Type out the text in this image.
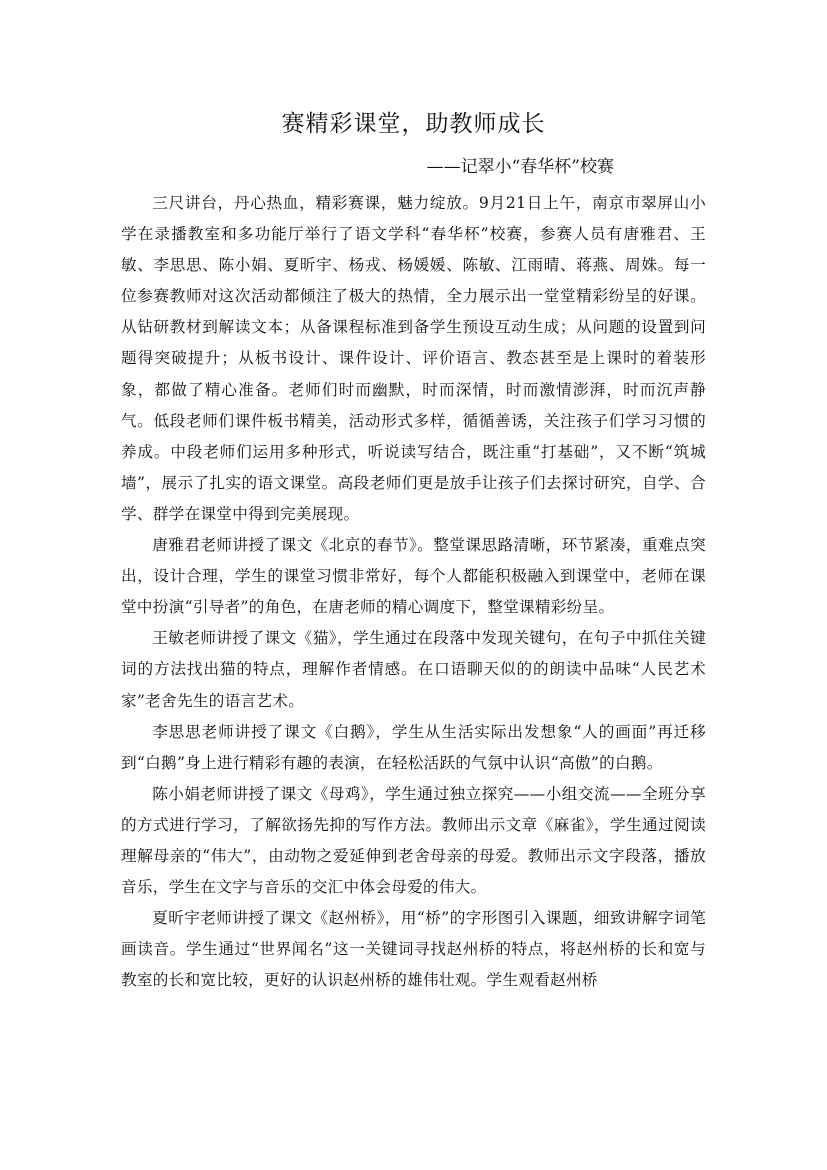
赛精彩课堂，助教师成长

——记翠小“春华杯”校赛

三尺讲台，丹心热血，精彩赛课，魅力绽放。9月21日上午，南京市翠屏山小学在录播教室和多功能厅举行了语文学科“春华杯”校赛，参赛人员有唐雅君、王敏、李思思、陈小娟、夏昕宇、杨戎、杨媛媛、陈敏、江雨晴、蒋燕、周姝。每一位参赛教师对这次活动都倾注了极大的热情，全力展示出一堂堂精彩纷呈的好课。从钻研教材到解读文本；从备课程标准到备学生预设互动生成；从问题的设置到问题得突破提升；从板书设计、课件设计、评价语言、教态甚至是上课时的着装形象，都做了精心准备。老师们时而幽默，时而深情，时而激情澎湃，时而沉声静气。低段老师们课件板书精美，活动形式多样，循循善诱，关注孩子们学习习惯的养成。中段老师们运用多种形式，听说读写结合，既注重“打基础”，又不断“筑城墙”，展示了扎实的语文课堂。高段老师们更是放手让孩子们去探讨研究，自学、合学、群学在课堂中得到完美展现。

唐雅君老师讲授了课文《北京的春节》。整堂课思路清晰，环节紧凑，重难点突出，设计合理，学生的课堂习惯非常好，每个人都能积极融入到课堂中，老师在课堂中扮演“引导者”的角色，在唐老师的精心调度下，整堂课精彩纷呈。

王敏老师讲授了课文《猫》，学生通过在段落中发现关键句，在句子中抓住关键词的方法找出猫的特点，理解作者情感。在口语聊天似的的朗读中品味“人民艺术家”老舍先生的语言艺术。

李思思老师讲授了课文《白鹅》，学生从生活实际出发想象“人的画面”再迁移到“白鹅”身上进行精彩有趣的表演，在轻松活跃的气氛中认识“高傲”的白鹅。

陈小娟老师讲授了课文《母鸡》，学生通过独立探究——小组交流——全班分享的方式进行学习，了解欲扬先抑的写作方法。教师出示文章《麻雀》，学生通过阅读理解母亲的“伟大”，由动物之爱延伸到老舍母亲的母爱。教师出示文字段落，播放音乐，学生在文字与音乐的交汇中体会母爱的伟大。

夏昕宇老师讲授了课文《赵州桥》，用“桥”的字形图引入课题，细致讲解字词笔画读音。学生通过“世界闻名”这一关键词寻找赵州桥的特点，将赵州桥的长和宽与教室的长和宽比较，更好的认识赵州桥的雄伟壮观。学生观看赵州桥
